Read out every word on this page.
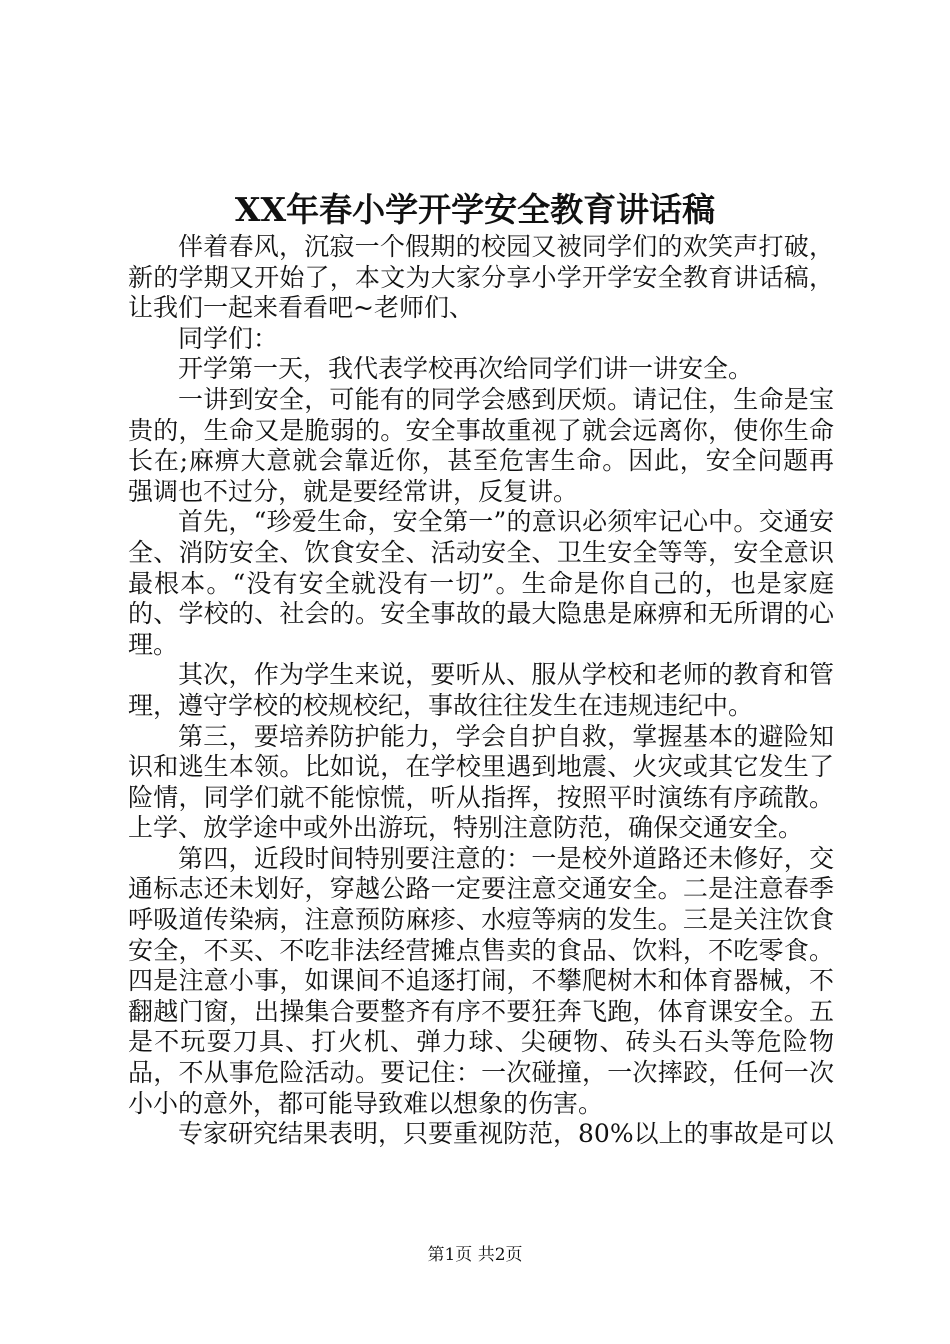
XX年春小学开学安全教育讲话稿

伴着春风，沉寂一个假期的校园又被同学们的欢笑声打破，新的学期又开始了，本文为大家分享小学开学安全教育讲话稿，让我们一起来看看吧~老师们、

同学们：

开学第一天，我代表学校再次给同学们讲一讲安全。

一讲到安全，可能有的同学会感到厌烦。请记住，生命是宝贵的，生命又是脆弱的。安全事故重视了就会远离你，使你生命长在;麻痹大意就会靠近你，甚至危害生命。因此，安全问题再强调也不过分，就是要经常讲，反复讲。

首先，“珍爱生命，安全第一”的意识必须牢记心中。交通安全、消防安全、饮食安全、活动安全、卫生安全等等，安全意识最根本。“没有安全就没有一切”。生命是你自己的，也是家庭的、学校的、社会的。安全事故的最大隐患是麻痹和无所谓的心理。

其次，作为学生来说，要听从、服从学校和老师的教育和管理，遵守学校的校规校纪，事故往往发生在违规违纪中。

第三，要培养防护能力，学会自护自救，掌握基本的避险知识和逃生本领。比如说，在学校里遇到地震、火灾或其它发生了险情，同学们就不能惊慌，听从指挥，按照平时演练有序疏散。上学、放学途中或外出游玩，特别注意防范，确保交通安全。

第四，近段时间特别要注意的：一是校外道路还未修好，交通标志还未划好，穿越公路一定要注意交通安全。二是注意春季呼吸道传染病，注意预防麻疹、水痘等病的发生。三是关注饮食安全，不买、不吃非法经营摊点售卖的食品、饮料，不吃零食。四是注意小事，如课间不追逐打闹，不攀爬树木和体育器械，不翻越门窗，出操集合要整齐有序不要狂奔飞跑，体育课安全。五是不玩耍刀具、打火机、弹力球、尖硬物、砖头石头等危险物品，不从事危险活动。要记住：一次碰撞，一次摔跤，任何一次小小的意外，都可能导致难以想象的伤害。

专家研究结果表明，只要重视防范，80%以上的事故是可以

第1页 共2页
